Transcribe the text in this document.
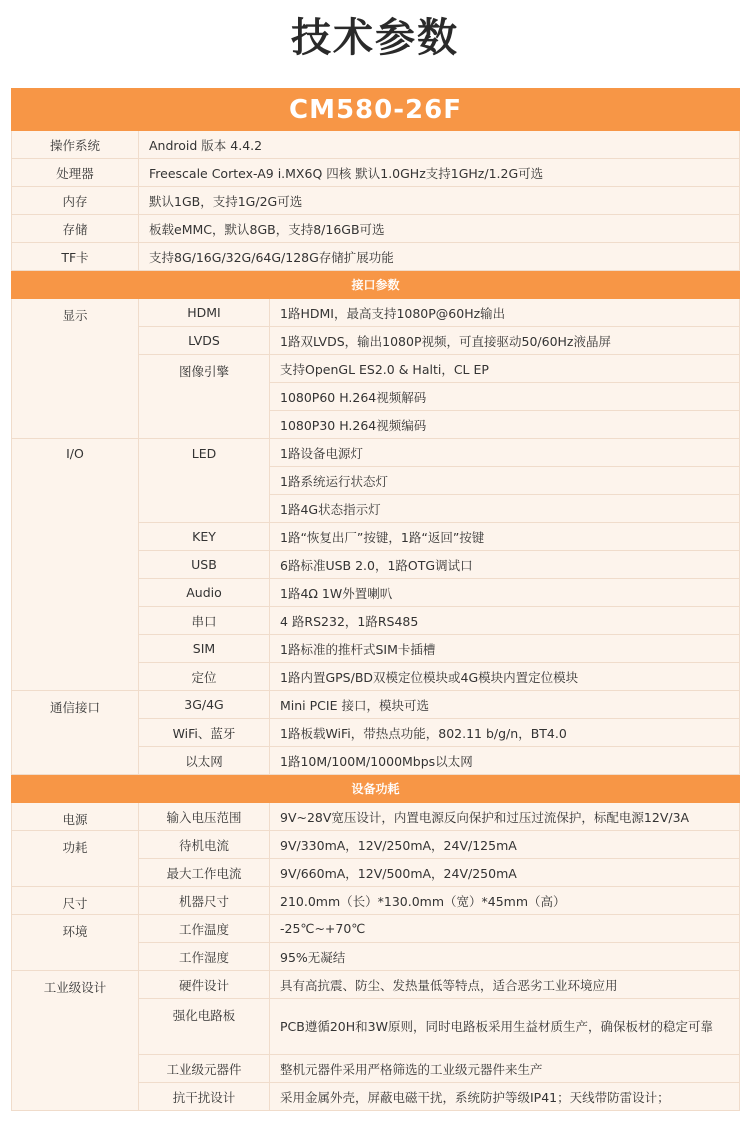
技术参数
CM580-26F		
操作系统	Android 版本 4.4.2	
处理器	Freescale Cortex-A9 i.MX6Q 四核 默认1.0GHz支持1GHz/1.2G可选	
内存	默认1GB，支持1G/2G可选	
存储	板载eMMC，默认8GB，支持8/16GB可选	
TF卡	支持8G/16G/32G/64G/128G存储扩展功能	
接口参数		
显示	HDMI	1路HDMI，最高支持1080P@60Hz输出
	LVDS	1路双LVDS，输出1080P视频，可直接驱动50/60Hz液晶屏
	图像引擎	支持OpenGL ES2.0 & Halti，CL EP
		1080P60 H.264视频解码
		1080P30 H.264视频编码
I/O	LED	1路设备电源灯
		1路系统运行状态灯
		1路4G状态指示灯
	KEY	1路“恢复出厂”按键，1路“返回”按键
	USB	6路标准USB 2.0，1路OTG调试口
	Audio	1路4Ω 1W外置喇叭
	串口	4 路RS232，1路RS485
	SIM	1路标准的推杆式SIM卡插槽
	定位	1路内置GPS/BD双模定位模块或4G模块内置定位模块
通信接口	3G/4G	Mini PCIE 接口，模块可选
	WiFi、蓝牙	1路板载WiFi，带热点功能，802.11 b/g/n，BT4.0
	以太网	1路10M/100M/1000Mbps以太网
设备功耗		
电源	输入电压范围	9V~28V宽压设计，内置电源反向保护和过压过流保护，标配电源12V/3A
功耗	待机电流	9V/330mA，12V/250mA，24V/125mA
	最大工作电流	9V/660mA，12V/500mA，24V/250mA
尺寸	机器尺寸	210.0mm（长）*130.0mm（宽）*45mm（高）
环境	工作温度	-25℃~+70℃
	工作湿度	95%无凝结
工业级设计	硬件设计	具有高抗震、防尘、发热量低等特点，适合恶劣工业环境应用
	强化电路板	PCB遵循20H和3W原则，同时电路板采用生益材质生产，确保板材的稳定可靠
	工业级元器件	整机元器件采用严格筛选的工业级元器件来生产
	抗干扰设计	采用金属外壳，屏蔽电磁干扰，系统防护等级IP41；天线带防雷设计；
